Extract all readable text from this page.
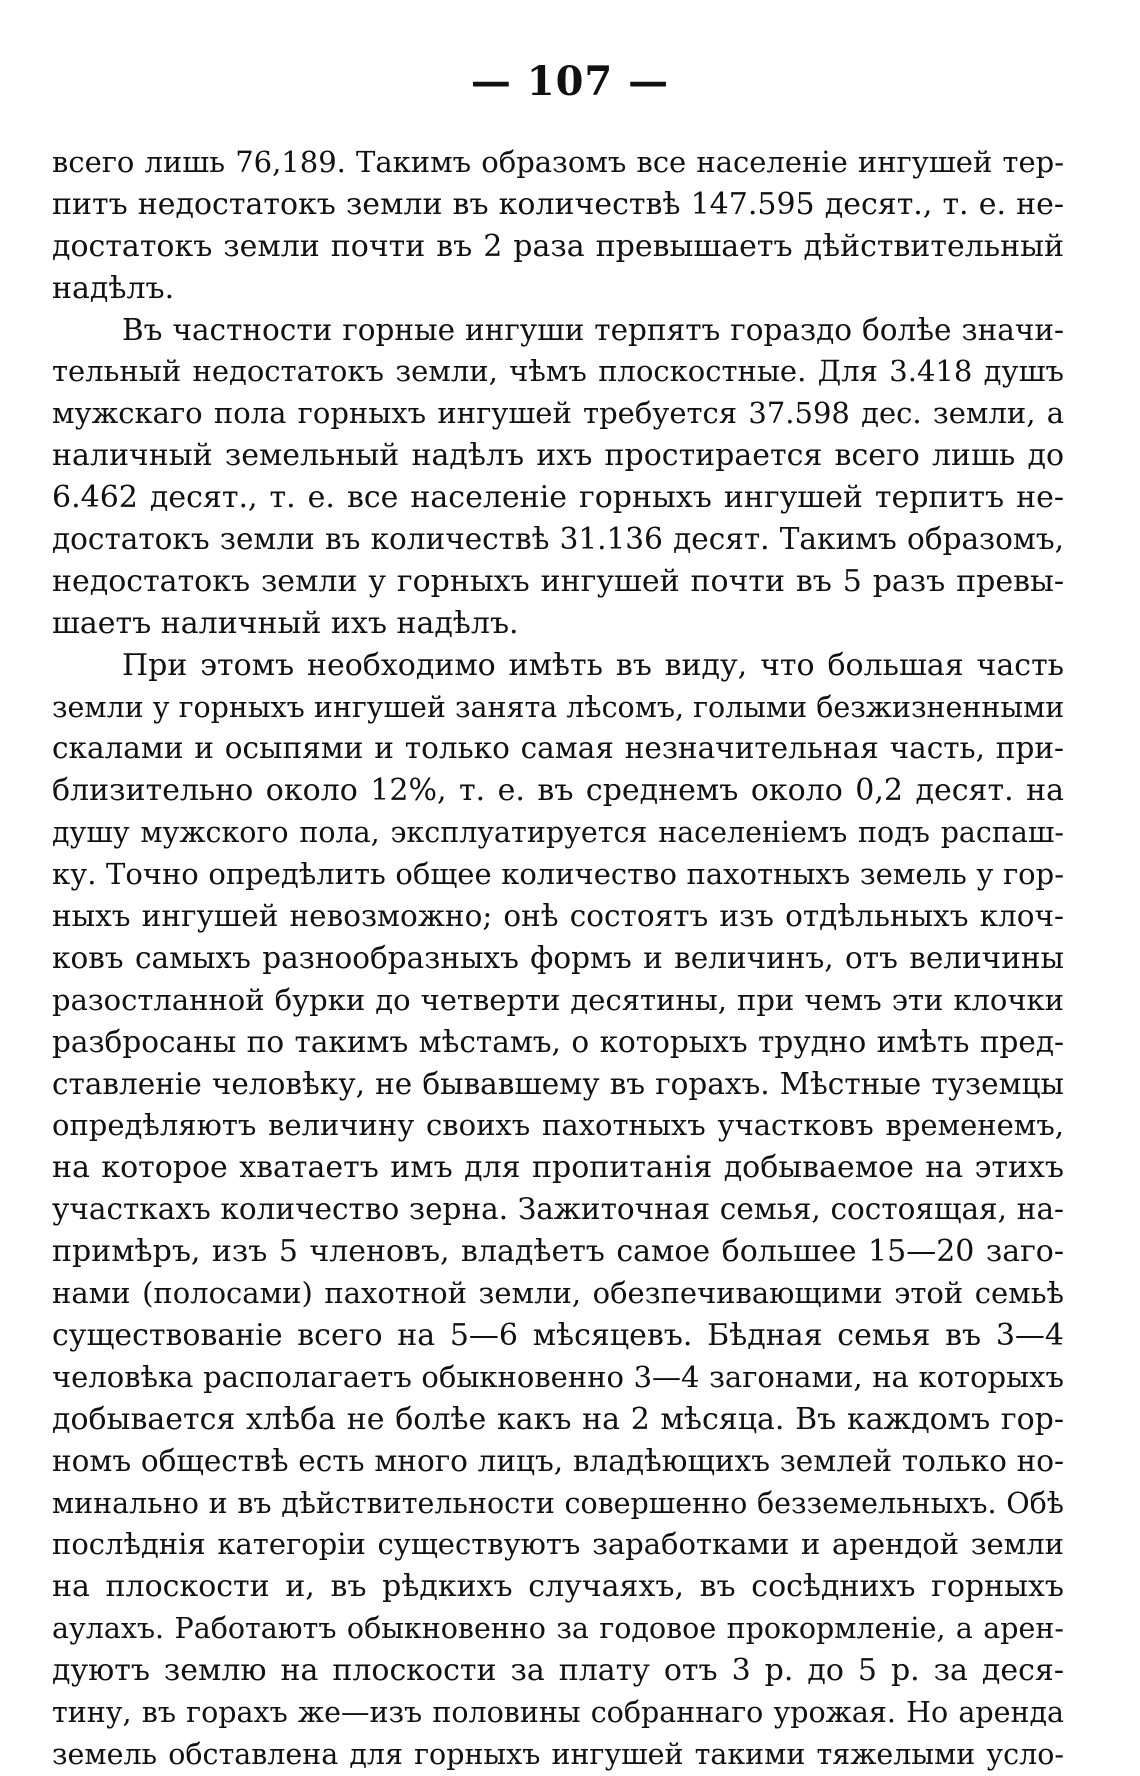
— 107 —
всего лишь 76,189. Такимъ образомъ все населеніе ингушей тер-
питъ недостатокъ земли въ количествѣ 147.595 десят., т. е. не-
достатокъ земли почти въ 2 раза превышаетъ дѣйствительный
надѣлъ.
Въ частности горные ингуши терпятъ гораздо болѣе значи-
тельный недостатокъ земли, чѣмъ плоскостные. Для 3.418 душъ
мужскаго пола горныхъ ингушей требуется 37.598 дес. земли, а
наличный земельный надѣлъ ихъ простирается всего лишь до
6.462 десят., т. е. все населеніе горныхъ ингушей терпитъ не-
достатокъ земли въ количествѣ 31.136 десят. Такимъ образомъ,
недостатокъ земли у горныхъ ингушей почти въ 5 разъ превы-
шаетъ наличный ихъ надѣлъ.
При этомъ необходимо имѣть въ виду, что большая часть
земли у горныхъ ингушей занята лѣсомъ, голыми безжизненными
скалами и осыпями и только самая незначительная часть, при-
близительно около 12%, т. е. въ среднемъ около 0,2 десят. на
душу мужского пола, эксплуатируется населеніемъ подъ распаш-
ку. Точно опредѣлить общее количество пахотныхъ земель у гор-
ныхъ ингушей невозможно; онѣ состоятъ изъ отдѣльныхъ клоч-
ковъ самыхъ разнообразныхъ формъ и величинъ, отъ величины
разостланной бурки до четверти десятины, при чемъ эти клочки
разбросаны по такимъ мѣстамъ, о которыхъ трудно имѣть пред-
ставленіе человѣку, не бывавшему въ горахъ. Мѣстные туземцы
опредѣляютъ величину своихъ пахотныхъ участковъ временемъ,
на которое хватаетъ имъ для пропитанія добываемое на этихъ
участкахъ количество зерна. Зажиточная семья, состоящая, на-
примѣръ, изъ 5 членовъ, владѣетъ самое большее 15—20 заго-
нами (полосами) пахотной земли, обезпечивающими этой семьѣ
существованіе всего на 5—6 мѣсяцевъ. Бѣдная семья въ 3—4
человѣка располагаетъ обыкновенно 3—4 загонами, на которыхъ
добывается хлѣба не болѣе какъ на 2 мѣсяца. Въ каждомъ гор-
номъ обществѣ есть много лицъ, владѣющихъ землей только но-
минально и въ дѣйствительности совершенно безземельныхъ. Обѣ
послѣднія категоріи существуютъ заработками и арендой земли
на плоскости и, въ рѣдкихъ случаяхъ, въ сосѣднихъ горныхъ
аулахъ. Работаютъ обыкновенно за годовое прокормленіе, а арен-
дуютъ землю на плоскости за плату отъ 3 р. до 5 р. за деся-
тину, въ горахъ же—изъ половины собраннаго урожая. Но аренда
земель обставлена для горныхъ ингушей такими тяжелыми усло-
